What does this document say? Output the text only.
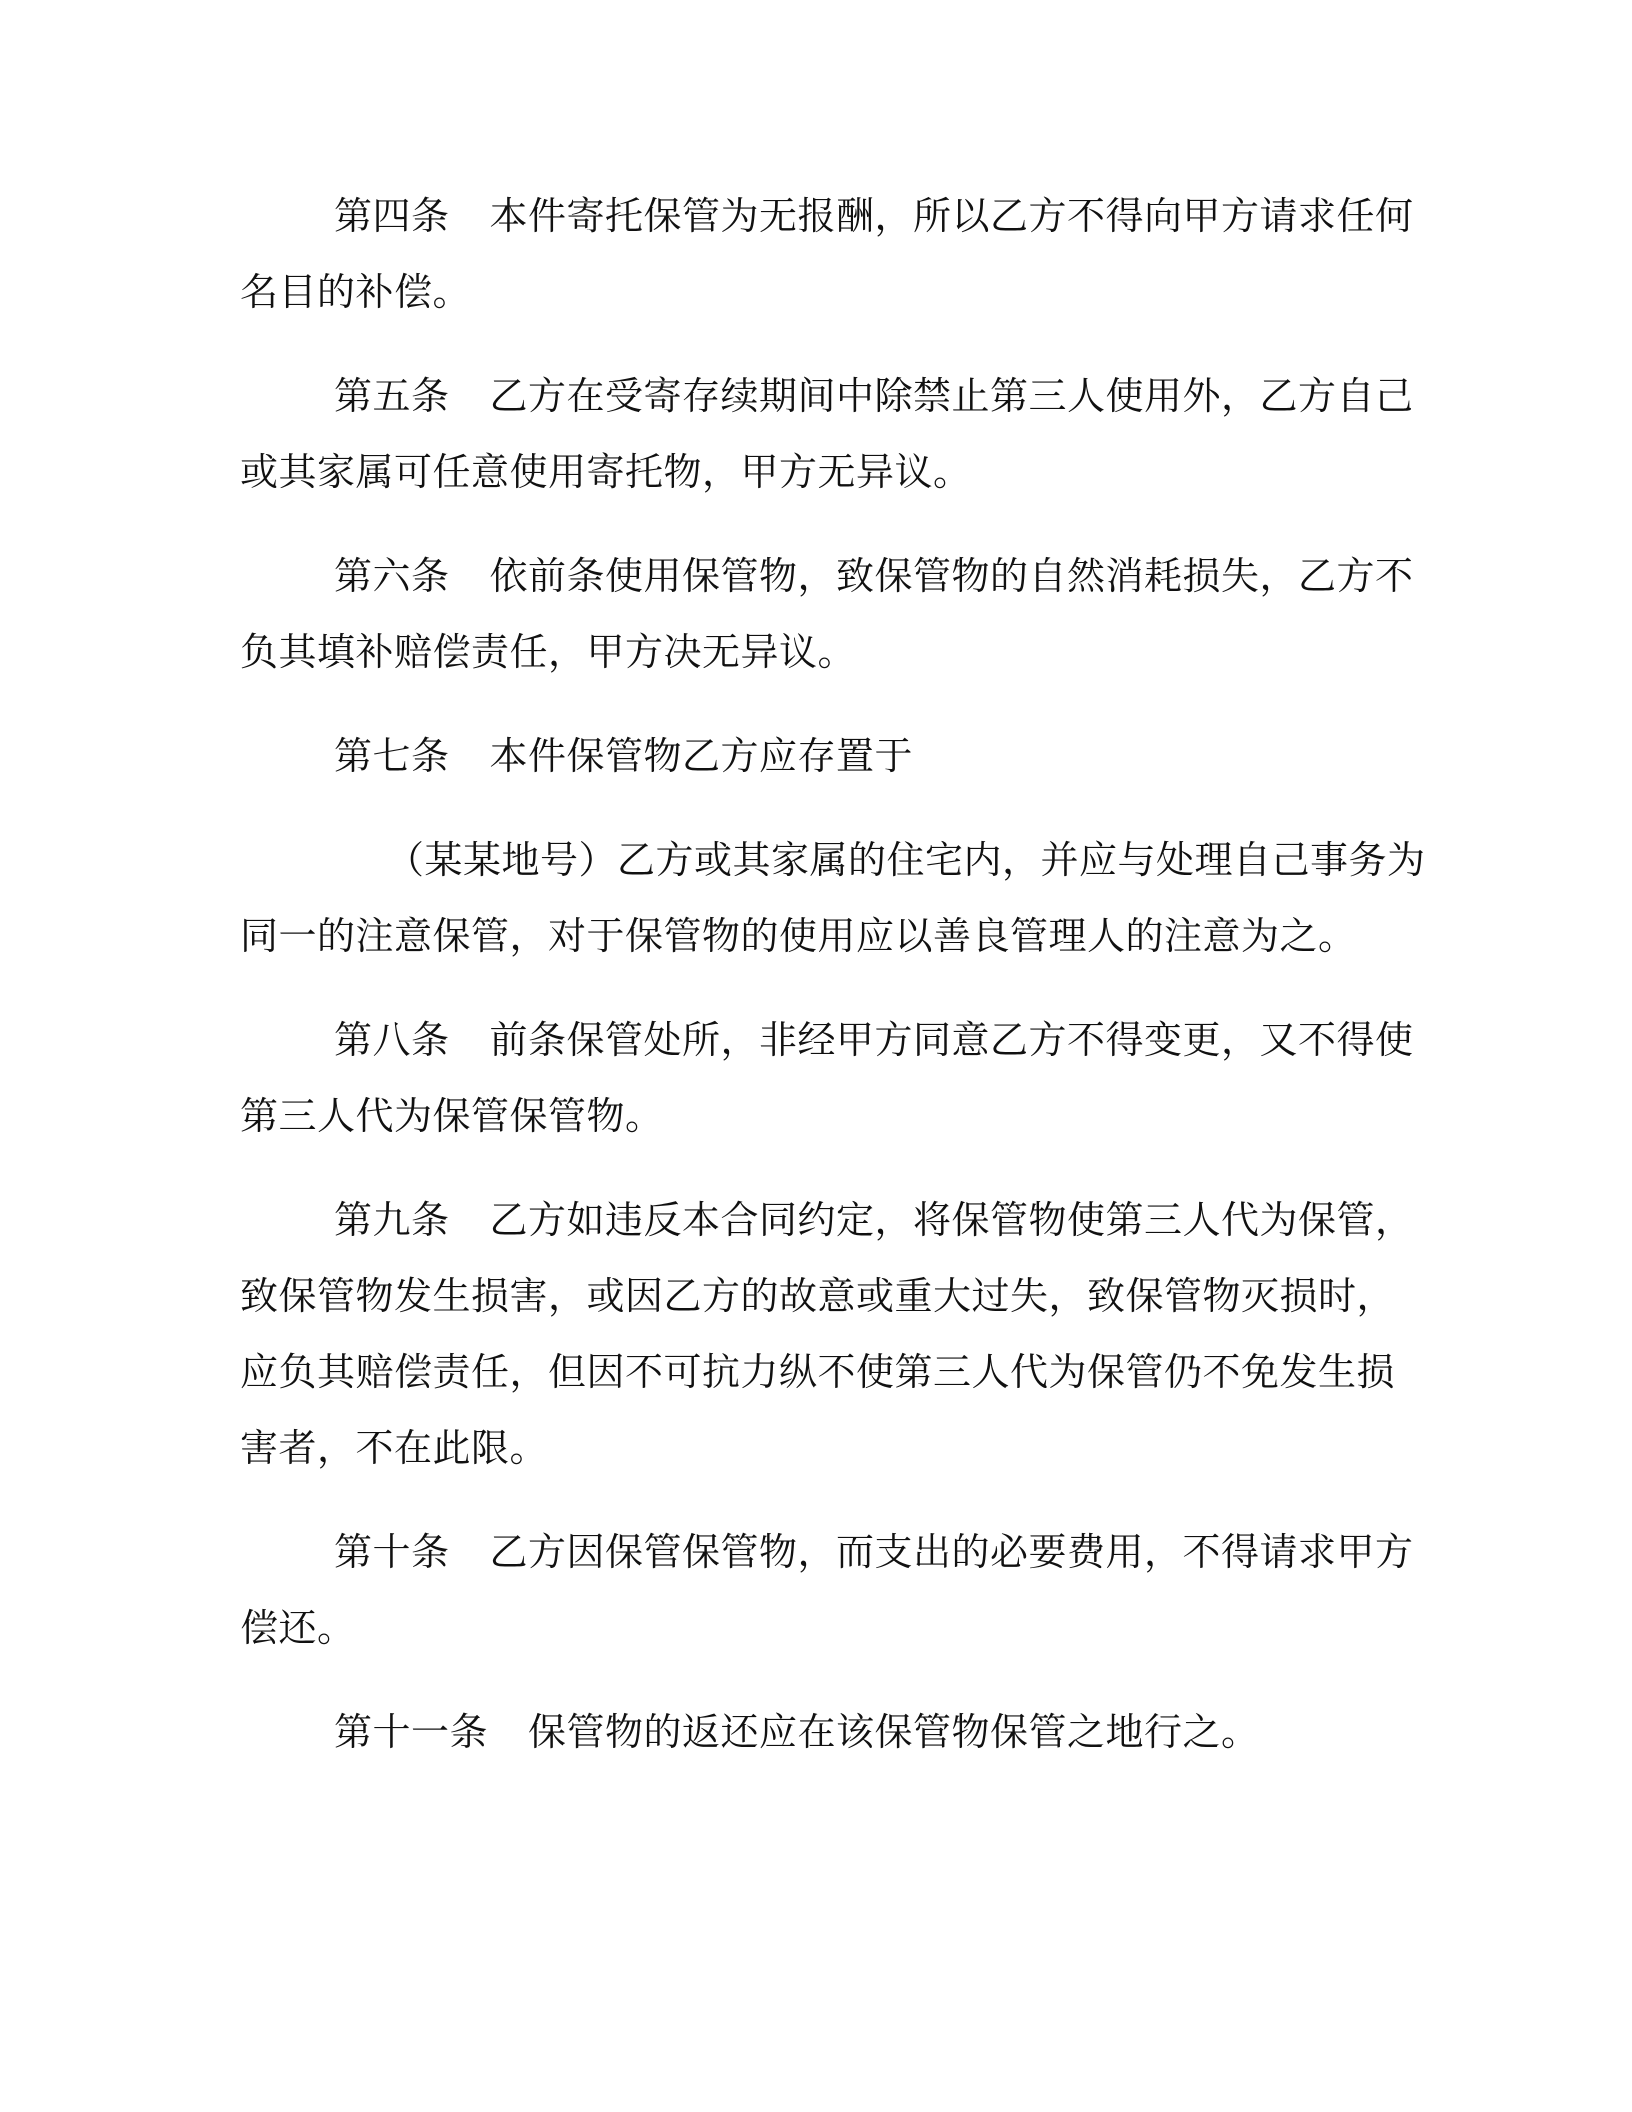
第四条 本件寄托保管为无报酬，所以乙方不得向甲方请求任何
名目的补偿。
第五条 乙方在受寄存续期间中除禁止第三人使用外，乙方自己
或其家属可任意使用寄托物，甲方无异议。
第六条 依前条使用保管物，致保管物的自然消耗损失，乙方不
负其填补赔偿责任，甲方决无异议。
第七条 本件保管物乙方应存置于
（某某地号）乙方或其家属的住宅内，并应与处理自己事务为
同一的注意保管，对于保管物的使用应以善良管理人的注意为之。
第八条 前条保管处所，非经甲方同意乙方不得变更，又不得使
第三人代为保管保管物。
第九条 乙方如违反本合同约定，将保管物使第三人代为保管，
致保管物发生损害，或因乙方的故意或重大过失，致保管物灭损时，
应负其赔偿责任，但因不可抗力纵不使第三人代为保管仍不免发生损
害者，不在此限。
第十条 乙方因保管保管物，而支出的必要费用，不得请求甲方
偿还。
第十一条 保管物的返还应在该保管物保管之地行之。
